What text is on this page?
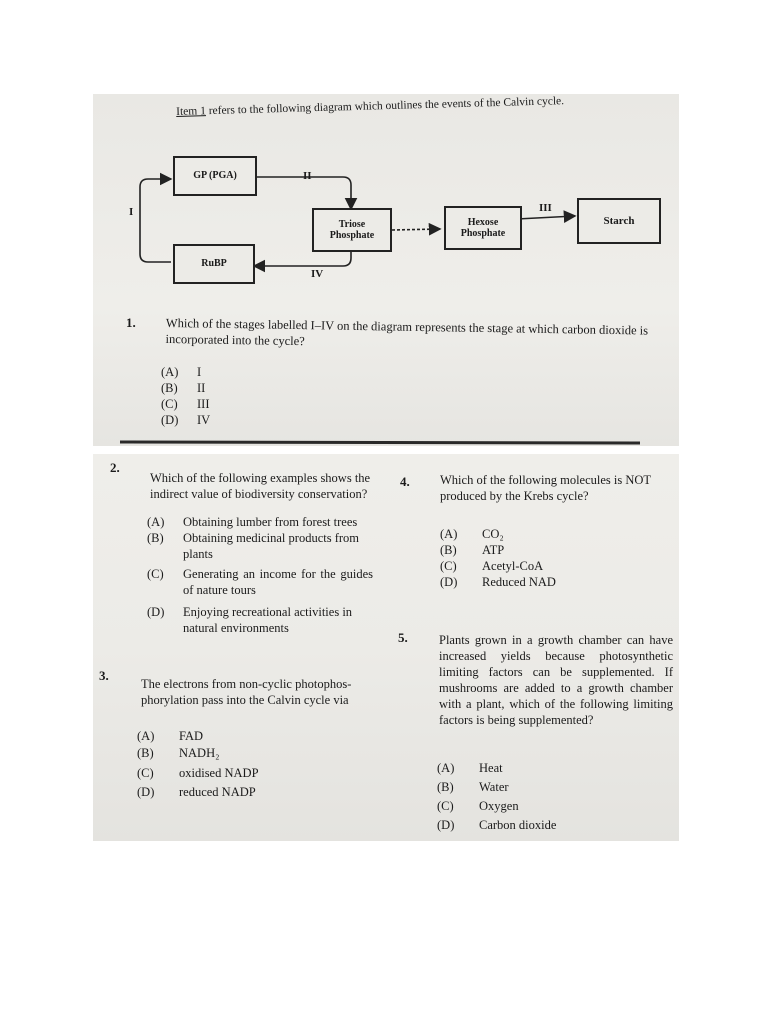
Item 1 refers to the following diagram which outlines the events of the Calvin cycle.
GP (PGA)
Triose
Phosphate
RuBP
Hexose
Phosphate
Starch
I
II
III
IV
1. Which of the stages labelled I–IV on the diagram represents the stage at which carbon dioxide is incorporated into the cycle?
(A)	I
(B)	II
(C)	III
(D)	IV
2.
Which of the following examples shows the indirect value of biodiversity conservation?
(A)	Obtaining lumber from forest trees
(B)	Obtaining medicinal products from plants
(C)	Generating an income for the guides of nature tours
(D)	Enjoying recreational activities in natural environments
3.
The electrons from non-cyclic photophos-phorylation pass into the Calvin cycle via
(A)	FAD
(B)	NADH₂
(C)	oxidised NADP
(D)	reduced NADP
4. Which of the following molecules is NOT produced by the Krebs cycle?
(A)	CO₂
(B)	ATP
(C)	Acetyl-CoA
(D)	Reduced NAD
5.	Plants grown in a growth chamber can have increased yields because photosynthetic limiting factors can be supplemented. If mushrooms are added to a growth chamber with a plant, which of the following limiting factors is being supplemented?
(A)	Heat
(B)	Water
(C)	Oxygen
(D)	Carbon dioxide
